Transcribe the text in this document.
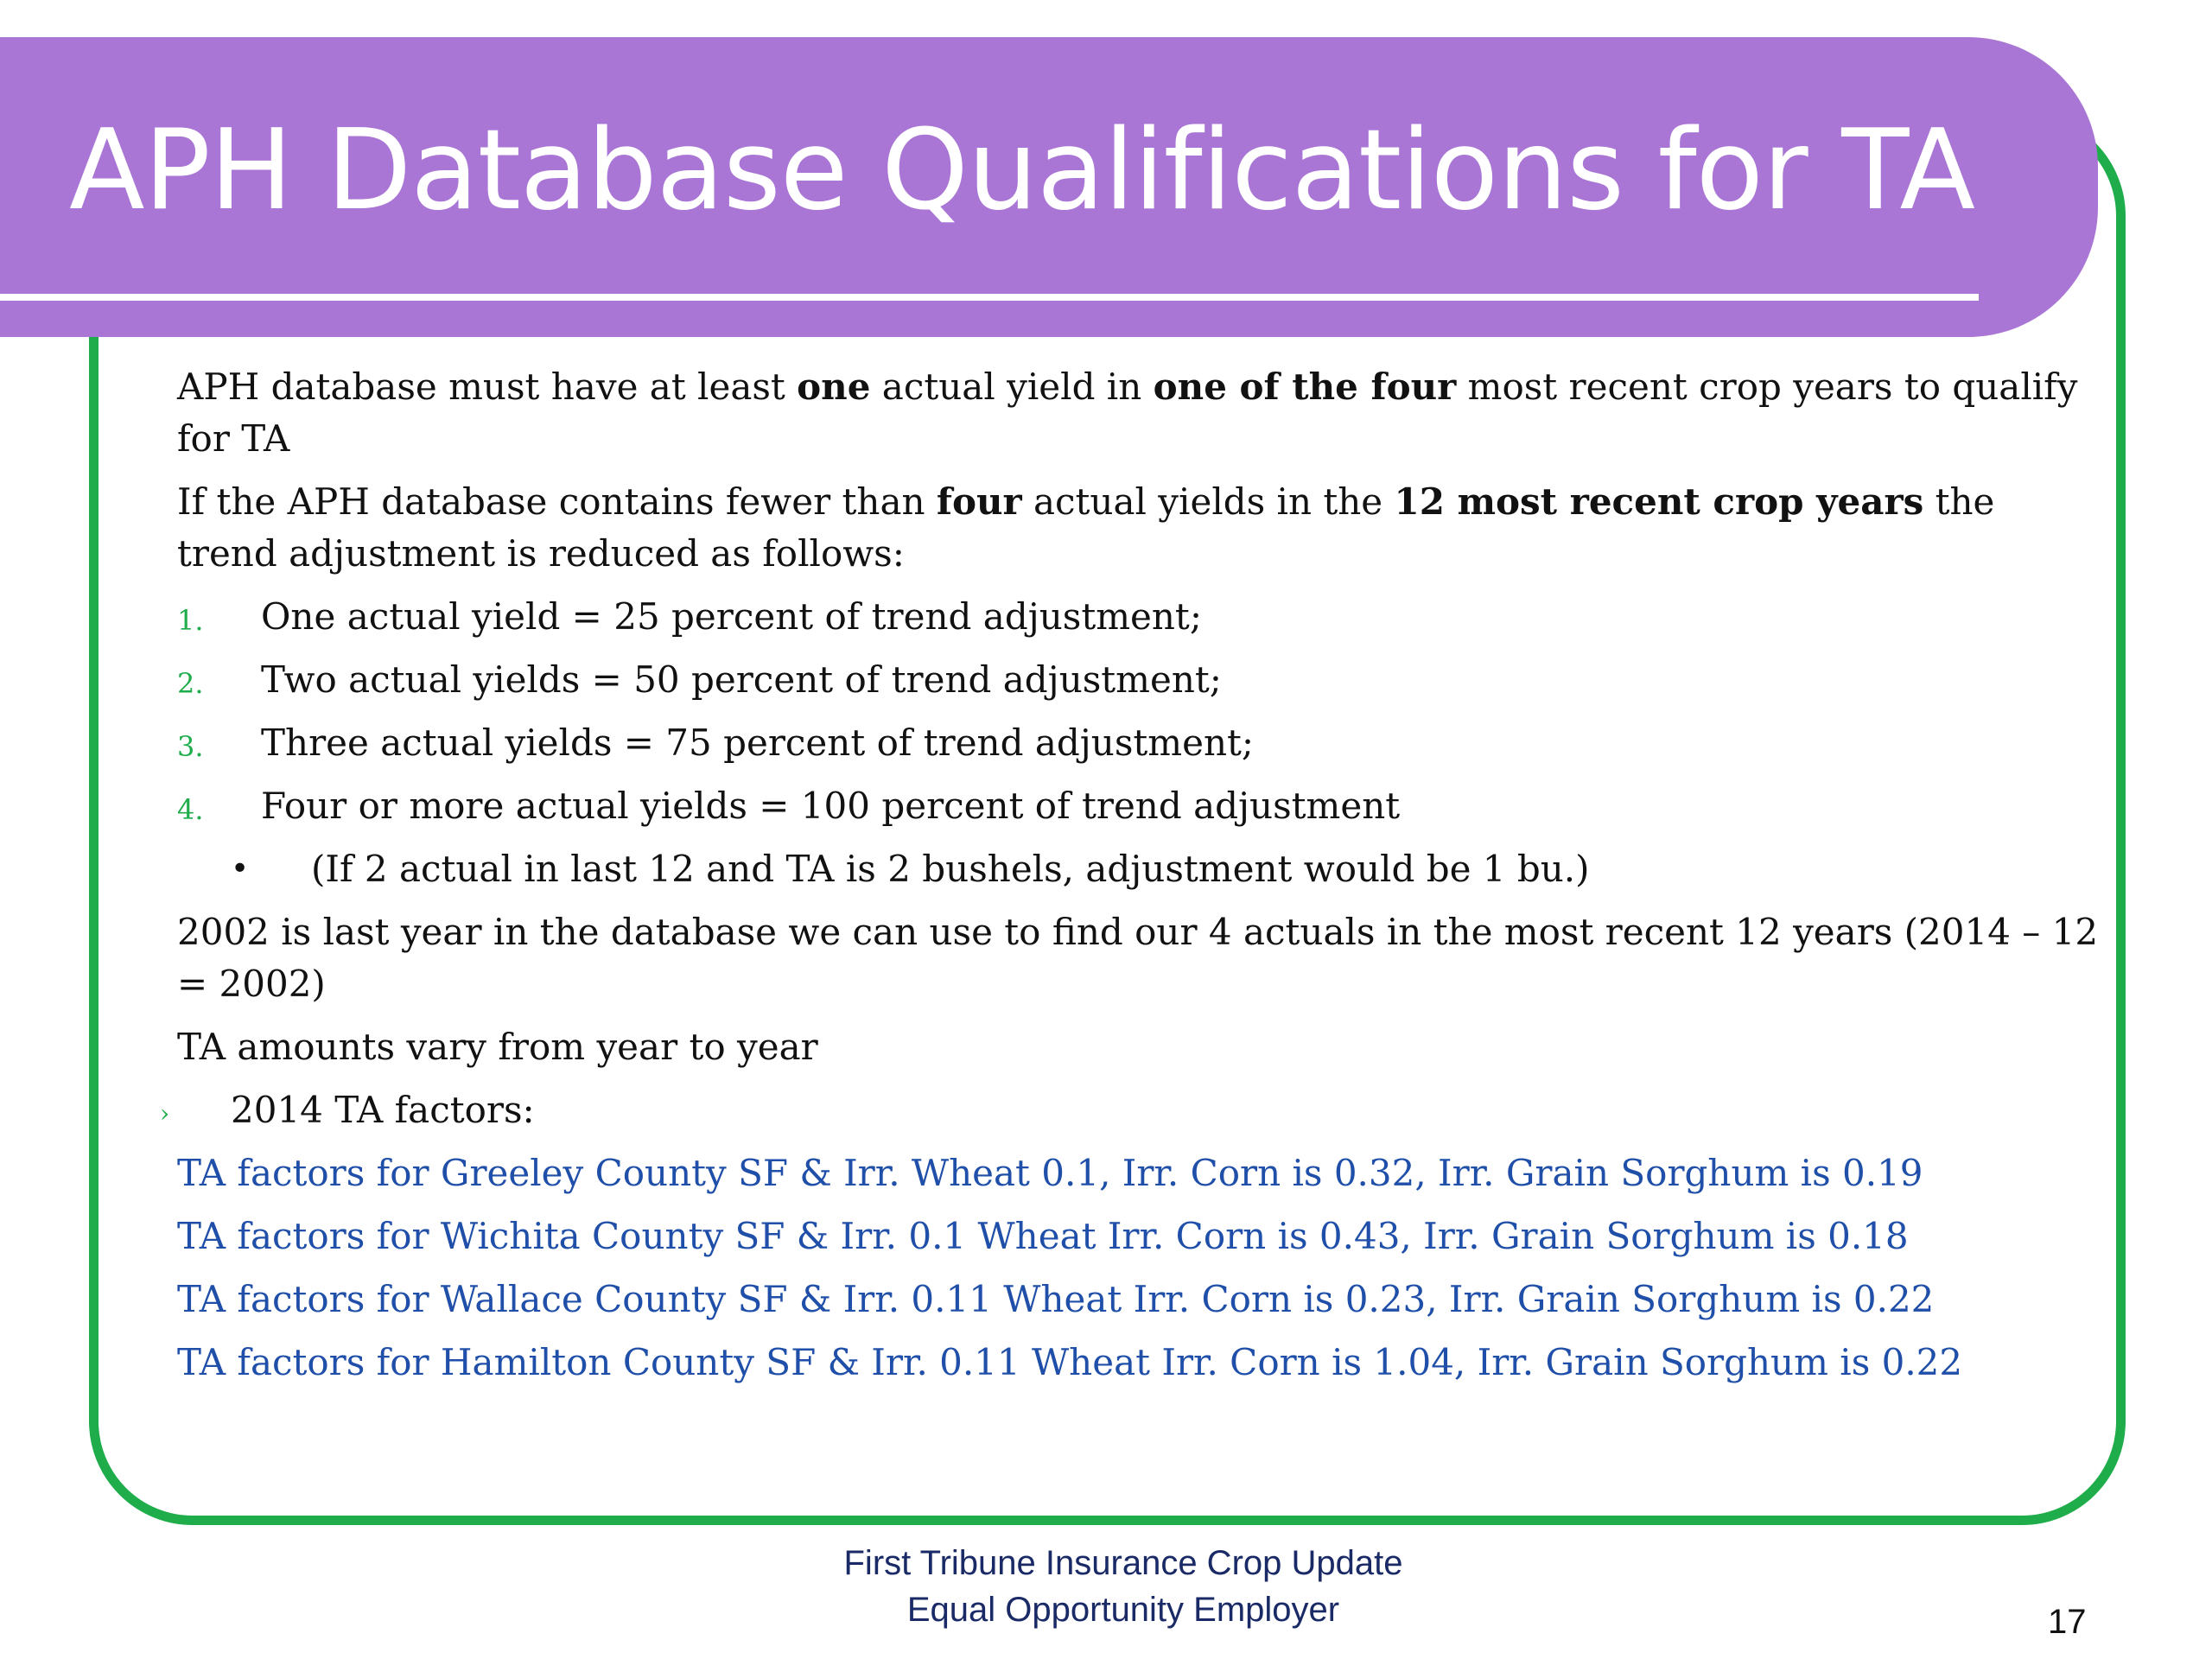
APH Database Qualifications for TA

APH database must have at least one actual yield in one of the four most recent crop years to qualify for TA

If the APH database contains fewer than four actual yields in the 12 most recent crop years the trend adjustment is reduced as follows:

1. One actual yield = 25 percent of trend adjustment;
2. Two actual yields = 50 percent of trend adjustment;
3. Three actual yields = 75 percent of trend adjustment;
4. Four or more actual yields = 100 percent of trend adjustment
• (If 2 actual in last 12 and TA is 2 bushels, adjustment would be 1 bu.)

2002 is last year in the database we can use to find our 4 actuals in the most recent 12 years (2014 – 12 = 2002)

TA amounts vary from year to year

› 2014 TA factors:

TA factors for Greeley County SF & Irr. Wheat 0.1, Irr. Corn is 0.32, Irr. Grain Sorghum is 0.19

TA factors for Wichita County SF & Irr. 0.1 Wheat Irr. Corn is 0.43, Irr. Grain Sorghum is 0.18

TA factors for Wallace County SF & Irr. 0.11 Wheat Irr. Corn is 0.23, Irr. Grain Sorghum is 0.22

TA factors for Hamilton County SF & Irr. 0.11 Wheat Irr. Corn is 1.04, Irr. Grain Sorghum is 0.22

First Tribune Insurance Crop Update
Equal Opportunity Employer	17
